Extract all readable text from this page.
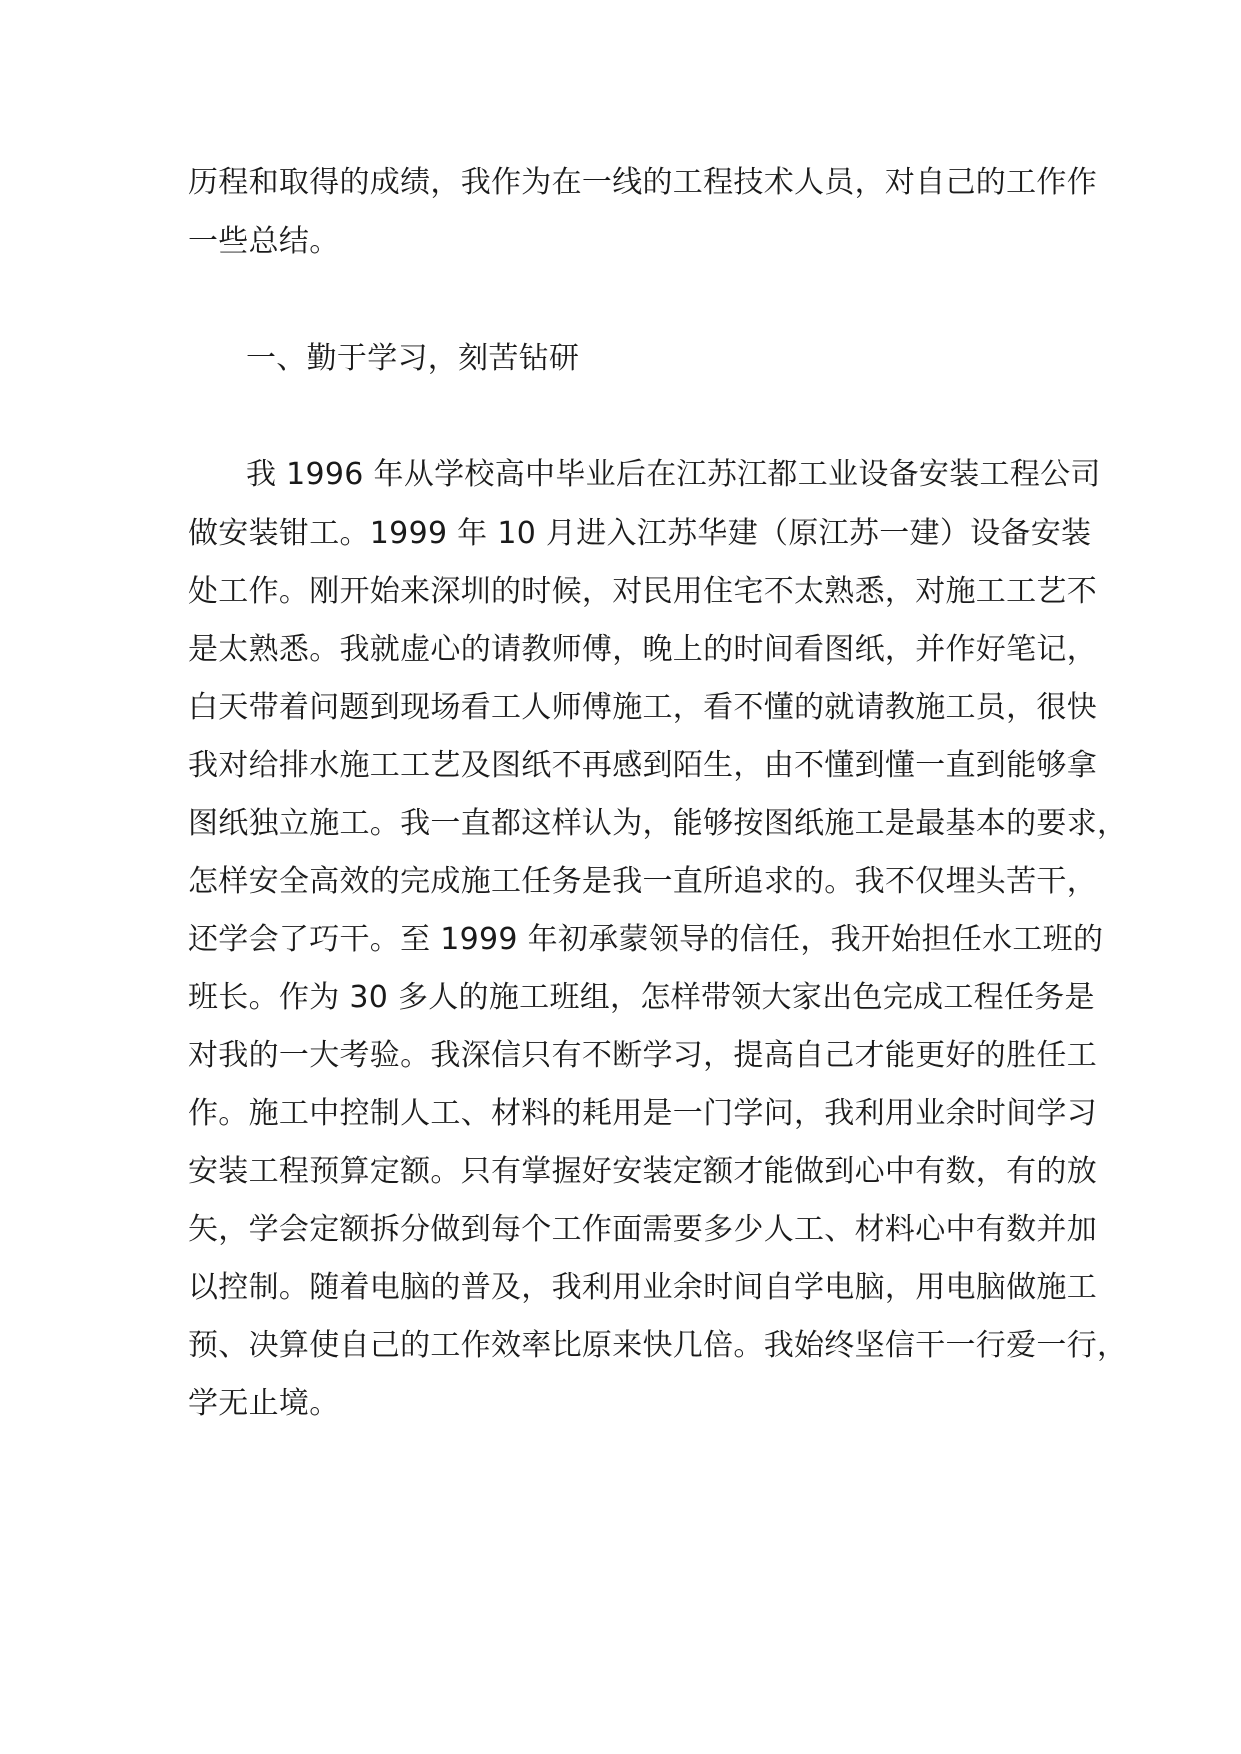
历程和取得的成绩，我作为在一线的工程技术人员，对自己的工作作
一些总结。
一、勤于学习，刻苦钻研
我 1996 年从学校高中毕业后在江苏江都工业设备安装工程公司
做安装钳工。1999 年 10 月进入江苏华建（原江苏一建）设备安装
处工作。刚开始来深圳的时候，对民用住宅不太熟悉，对施工工艺不
是太熟悉。我就虚心的请教师傅，晚上的时间看图纸，并作好笔记，
白天带着问题到现场看工人师傅施工，看不懂的就请教施工员，很快
我对给排水施工工艺及图纸不再感到陌生，由不懂到懂一直到能够拿
图纸独立施工。我一直都这样认为，能够按图纸施工是最基本的要求，
怎样安全高效的完成施工任务是我一直所追求的。我不仅埋头苦干，
还学会了巧干。至 1999 年初承蒙领导的信任，我开始担任水工班的
班长。作为 30 多人的施工班组，怎样带领大家出色完成工程任务是
对我的一大考验。我深信只有不断学习，提高自己才能更好的胜任工
作。施工中控制人工、材料的耗用是一门学问，我利用业余时间学习
安装工程预算定额。只有掌握好安装定额才能做到心中有数，有的放
矢，学会定额拆分做到每个工作面需要多少人工、材料心中有数并加
以控制。随着电脑的普及，我利用业余时间自学电脑，用电脑做施工
预、决算使自己的工作效率比原来快几倍。我始终坚信干一行爱一行，
学无止境。
